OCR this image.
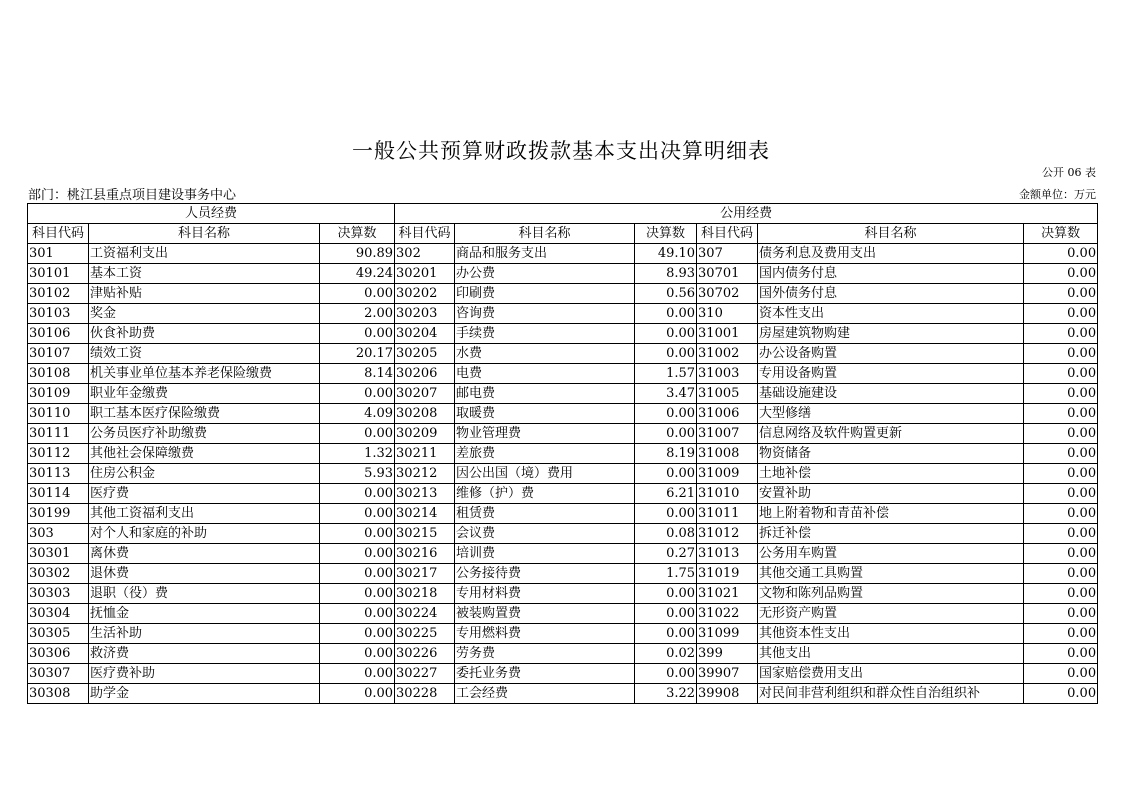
一般公共预算财政拨款基本支出决算明细表
公开 06 表
部门：桃江县重点项目建设事务中心	金额单位：万元
人员经费			公用经费					
科目代码	科目名称	决算数	科目代码	科目名称	决算数	科目代码	科目名称	决算数
301	工资福利支出	90.89	302	商品和服务支出	49.10	307	债务利息及费用支出	0.00
30101	基本工资	49.24	30201	办公费	8.93	30701	国内债务付息	0.00
30102	津贴补贴	0.00	30202	印刷费	0.56	30702	国外债务付息	0.00
30103	奖金	2.00	30203	咨询费	0.00	310	资本性支出	0.00
30106	伙食补助费	0.00	30204	手续费	0.00	31001	房屋建筑物购建	0.00
30107	绩效工资	20.17	30205	水费	0.00	31002	办公设备购置	0.00
30108	机关事业单位基本养老保险缴费	8.14	30206	电费	1.57	31003	专用设备购置	0.00
30109	职业年金缴费	0.00	30207	邮电费	3.47	31005	基础设施建设	0.00
30110	职工基本医疗保险缴费	4.09	30208	取暖费	0.00	31006	大型修缮	0.00
30111	公务员医疗补助缴费	0.00	30209	物业管理费	0.00	31007	信息网络及软件购置更新	0.00
30112	其他社会保障缴费	1.32	30211	差旅费	8.19	31008	物资储备	0.00
30113	住房公积金	5.93	30212	因公出国（境）费用	0.00	31009	土地补偿	0.00
30114	医疗费	0.00	30213	维修（护）费	6.21	31010	安置补助	0.00
30199	其他工资福利支出	0.00	30214	租赁费	0.00	31011	地上附着物和青苗补偿	0.00
303	对个人和家庭的补助	0.00	30215	会议费	0.08	31012	拆迁补偿	0.00
30301	离休费	0.00	30216	培训费	0.27	31013	公务用车购置	0.00
30302	退休费	0.00	30217	公务接待费	1.75	31019	其他交通工具购置	0.00
30303	退职（役）费	0.00	30218	专用材料费	0.00	31021	文物和陈列品购置	0.00
30304	抚恤金	0.00	30224	被装购置费	0.00	31022	无形资产购置	0.00
30305	生活补助	0.00	30225	专用燃料费	0.00	31099	其他资本性支出	0.00
30306	救济费	0.00	30226	劳务费	0.02	399	其他支出	0.00
30307	医疗费补助	0.00	30227	委托业务费	0.00	39907	国家赔偿费用支出	0.00
30308	助学金	0.00	30228	工会经费	3.22	39908	对民间非营利组织和群众性自治组织补	0.00
